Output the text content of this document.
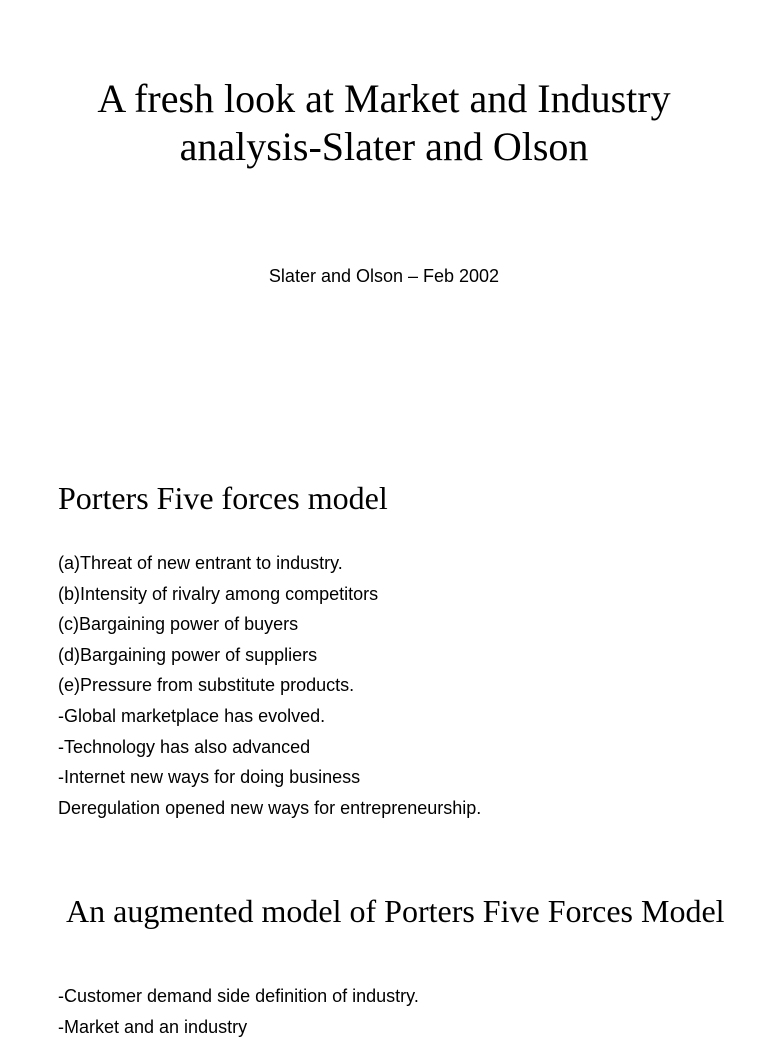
A fresh look at Market and Industry analysis-Slater and Olson
Slater and Olson – Feb 2002
Porters Five forces model
(a)Threat of new entrant to industry.
(b)Intensity of rivalry among competitors
(c)Bargaining power of buyers
(d)Bargaining power of suppliers
(e)Pressure from substitute products.
-Global marketplace has evolved.
-Technology has also advanced
-Internet new ways for doing business
Deregulation opened new ways for entrepreneurship.
An augmented model of Porters Five Forces Model
-Customer demand side definition of industry.
-Market and an industry
